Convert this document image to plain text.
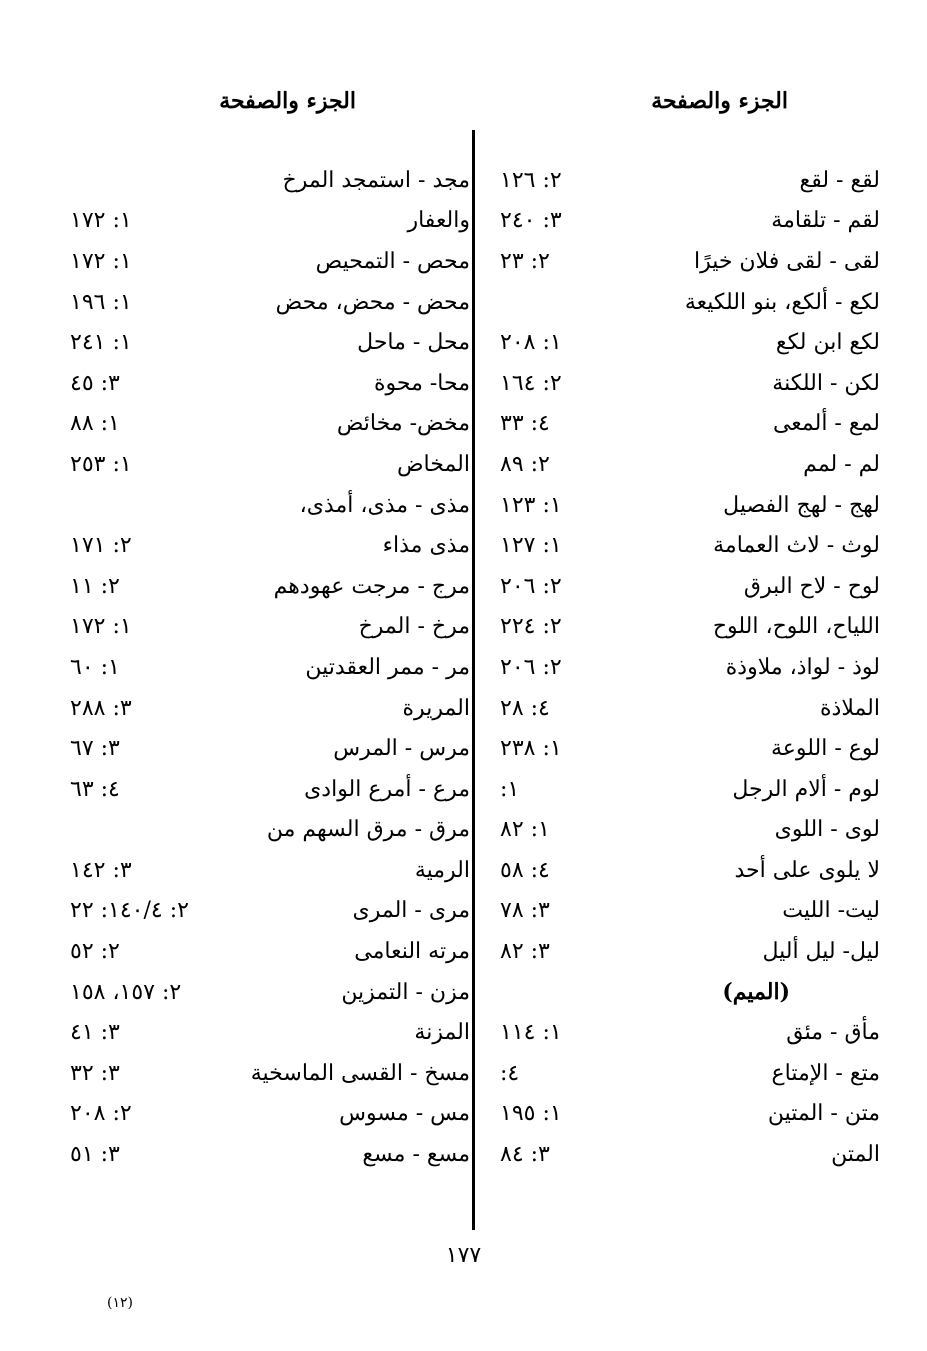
الجزء والصفحة
الجزء والصفحة
لقع - لقع
٢: ١٢٦
لقم - تلقامة
٣: ٢٤٠
لقى - لقى فلان خيرًا
٢: ٢٣
لكع - ألكع، بنو اللكيعة
لكع ابن لكع
١: ٢٠٨
لكن - اللكنة
٢: ١٦٤
لمع - ألمعى
٤: ٣٣
لم - لمم
٢: ٨٩
لهج - لهج الفصيل
١: ١٢٣
لوث - لاث العمامة
١: ١٢٧
لوح - لاح البرق
٢: ٢٠٦
اللياح، اللوح، اللوح
٢: ٢٢٤
لوذ - لواذ، ملاوذة
٢: ٢٠٦
الملاذة
٤: ٢٨
لوع - اللوعة
١: ٢٣٨
لوم - ألام الرجل
١:
لوى - اللوى
١: ٨٢
لا يلوى على أحد
٤: ٥٨
ليت- الليت
٣: ٧٨
ليل- ليل أليل
٣: ٨٢
(الميم)
مأق - مئق
١: ١١٤
متع - الإمتاع
٤:
متن - المتين
١: ١٩٥
المتن
٣: ٨٤
مجد - استمجد المرخ
والعفار
١: ١٧٢
محص - التمحيص
١: ١٧٢
محض - محض، محض
١: ١٩٦
محل - ماحل
١: ٢٤١
محا- محوة
٣: ٤٥
مخض- مخائض
١: ٨٨
المخاض
١: ٢٥٣
مذى - مذى، أمذى،
مذى مذاء
٢: ١٧١
مرج - مرجت عهودهم
٢: ١١
مرخ - المرخ
١: ١٧٢
مر - ممر العقدتين
١: ٦٠
المريرة
٣: ٢٨٨
مرس - المرس
٣: ٦٧
مرع - أمرع الوادى
٤: ٦٣
مرق - مرق السهم من
الرمية
٣: ١٤٢
مرى - المرى
٢: ١٤٠/٤: ٢٢
مرته النعامى
٢: ٥٢
مزن - التمزين
٢: ١٥٧، ١٥٨
المزنة
٣: ٤١
مسخ - القسى الماسخية
٣: ٣٢
مس - مسوس
٢: ٢٠٨
مسع - مسع
٣: ٥١
١٧٧
(١٢)
